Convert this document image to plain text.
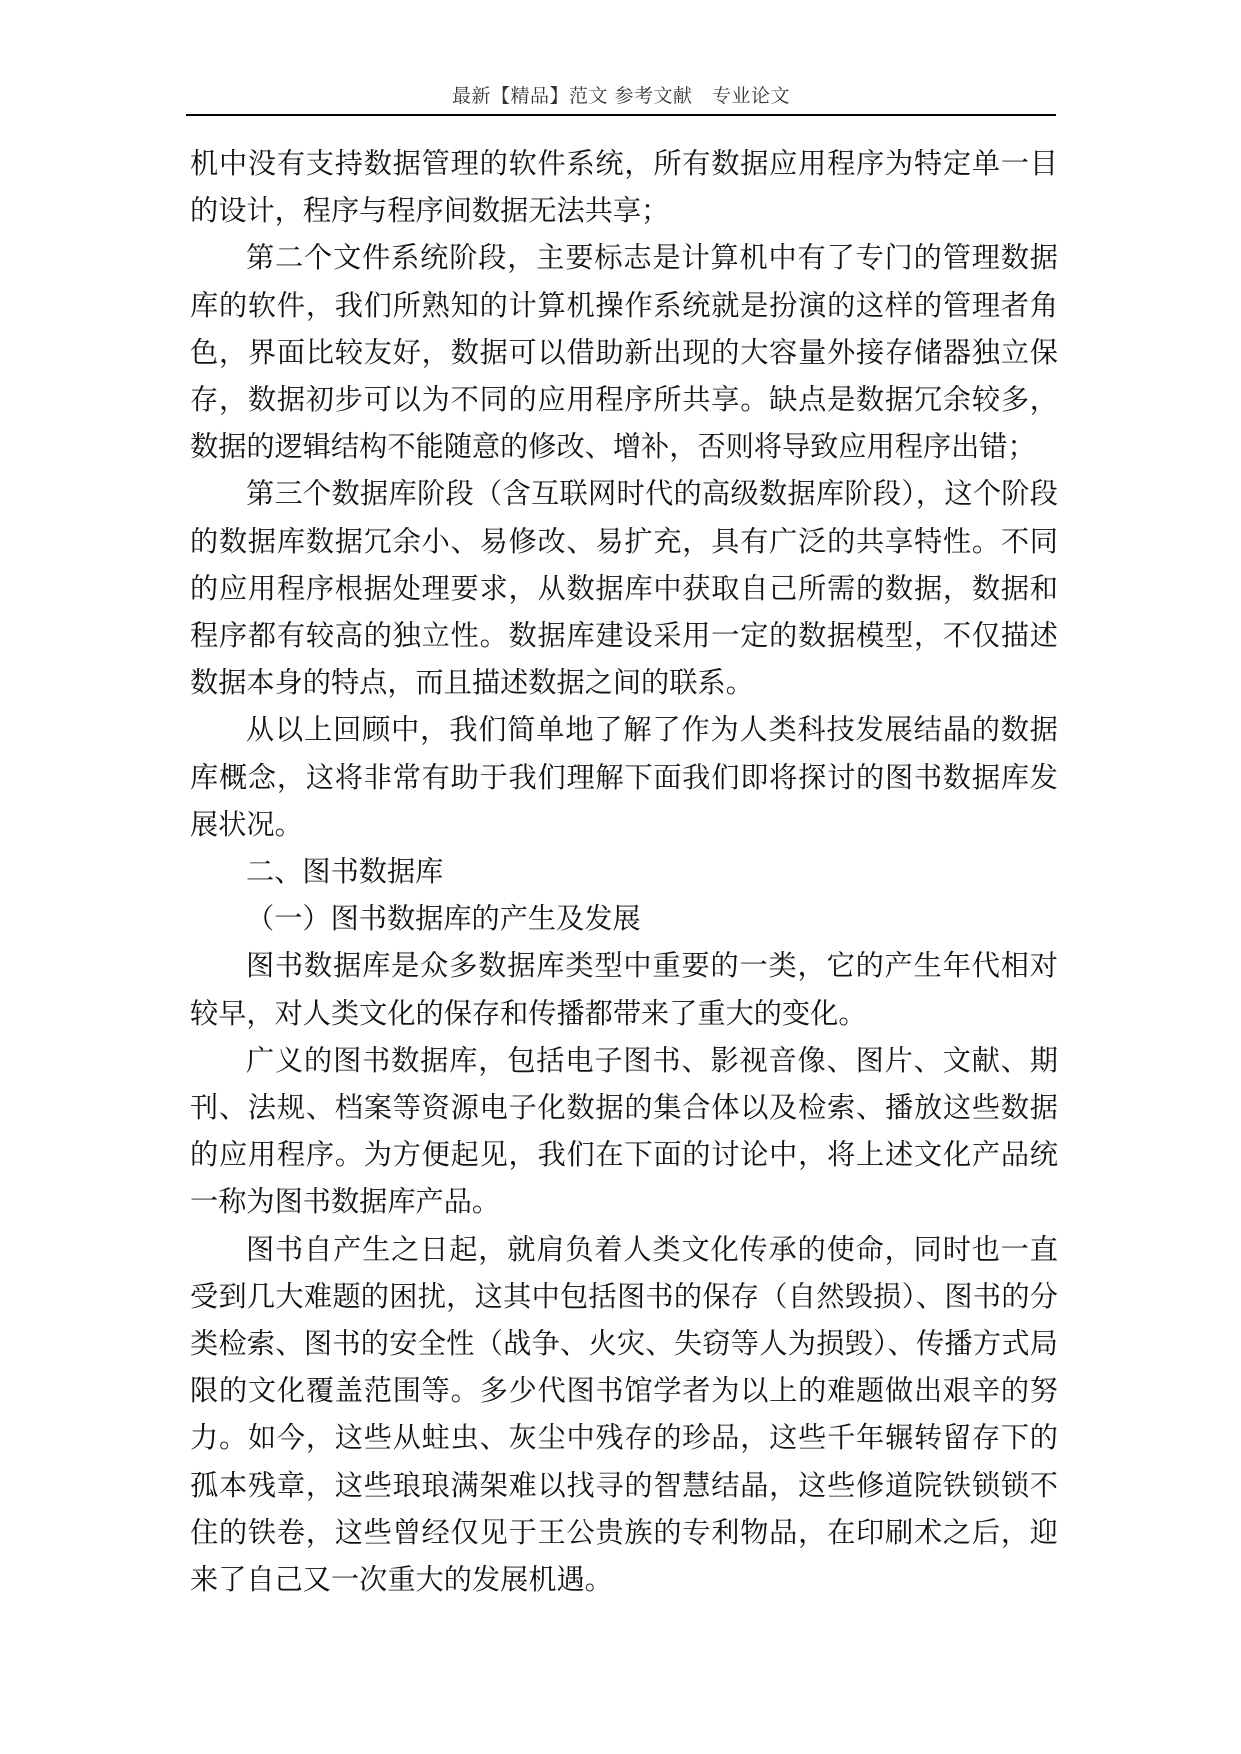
最新【精品】范文 参考文献　专业论文

机中没有支持数据管理的软件系统，所有数据应用程序为特定单一目的设计，程序与程序间数据无法共享；

第二个文件系统阶段，主要标志是计算机中有了专门的管理数据库的软件，我们所熟知的计算机操作系统就是扮演的这样的管理者角色，界面比较友好，数据可以借助新出现的大容量外接存储器独立保存，数据初步可以为不同的应用程序所共享。缺点是数据冗余较多，数据的逻辑结构不能随意的修改、增补，否则将导致应用程序出错；

第三个数据库阶段（含互联网时代的高级数据库阶段），这个阶段的数据库数据冗余小、易修改、易扩充，具有广泛的共享特性。不同的应用程序根据处理要求，从数据库中获取自己所需的数据，数据和程序都有较高的独立性。数据库建设采用一定的数据模型，不仅描述数据本身的特点，而且描述数据之间的联系。

从以上回顾中，我们简单地了解了作为人类科技发展结晶的数据库概念，这将非常有助于我们理解下面我们即将探讨的图书数据库发展状况。

二、图书数据库

（一）图书数据库的产生及发展

图书数据库是众多数据库类型中重要的一类，它的产生年代相对较早，对人类文化的保存和传播都带来了重大的变化。

广义的图书数据库，包括电子图书、影视音像、图片、文献、期刊、法规、档案等资源电子化数据的集合体以及检索、播放这些数据的应用程序。为方便起见，我们在下面的讨论中，将上述文化产品统一称为图书数据库产品。

图书自产生之日起，就肩负着人类文化传承的使命，同时也一直受到几大难题的困扰，这其中包括图书的保存（自然毁损）、图书的分类检索、图书的安全性（战争、火灾、失窃等人为损毁）、传播方式局限的文化覆盖范围等。多少代图书馆学者为以上的难题做出艰辛的努力。如今，这些从蛀虫、灰尘中残存的珍品，这些千年辗转留存下的孤本残章，这些琅琅满架难以找寻的智慧结晶，这些修道院铁锁锁不住的铁卷，这些曾经仅见于王公贵族的专利物品，在印刷术之后，迎来了自己又一次重大的发展机遇。
